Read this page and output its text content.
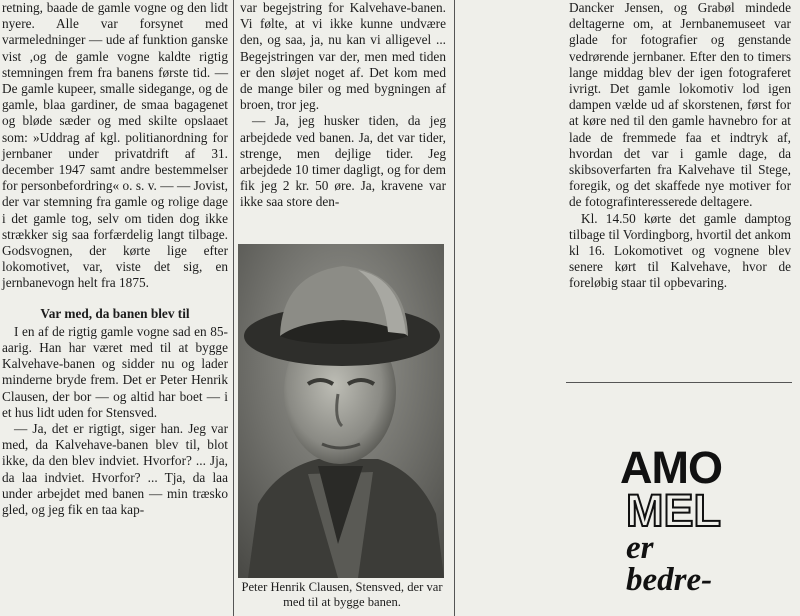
retning, baade de gamle vogne og den lidt nyere. Alle var forsynet med varmeledninger — ude af funktion ganske vist ,og de gamle vogne kaldte rigtig stemningen frem fra banens første tid. — De gamle kupeer, smalle sidegange, og de gamle, blaa gardiner, de smaa bagagenet og bløde sæder og med skilte opslaaet som: »Uddrag af kgl. politianordning for jernbaner under privatdrift af 31. december 1947 samt andre bestemmelser for personbefordring« o. s. v. — — Jovist, der var stemning fra gamle og rolige dage i det gamle tog, selv om tiden dog ikke strækker sig saa forfærdelig langt tilbage. Godsvognen, der kørte lige efter lokomotivet, var, viste det sig, en jernbanevogn helt fra 1875.

Var med, da banen blev til

I en af de rigtig gamle vogne sad en 85-aarig. Han har været med til at bygge Kalvehave-banen og sidder nu og lader minderne bryde frem. Det er Peter Henrik Clausen, der bor — og altid har boet — i et hus lidt uden for Stensved.

— Ja, det er rigtigt, siger han. Jeg var med, da Kalvehave-banen blev til, blot ikke, da den blev indviet. Hvorfor? ... Jja, da laa indviet. Hvorfor? ... Tja, da laa under arbejdet med banen — min træsko gled, og jeg fik en taa kap-

var begejstring for Kalvehave-banen. Vi følte, at vi ikke kunne undvære den, og saa, ja, nu kan vi alligevel ... Begejstringen var der, men med tiden er den sløjet noget af. Det kom med de mange biler og med bygningen af broen, tror jeg.

— Ja, jeg husker tiden, da jeg arbejdede ved banen. Ja, det var tider, strenge, men dejlige tider. Jeg arbejdede 10 timer dagligt, og for dem fik jeg 2 kr. 50 øre. Ja, kravene var ikke saa store den-

Peter Henrik Clausen, Stensved, der var med til at bygge banen.

Dancker Jensen, og Grabøl mindede deltagerne om, at Jernbanemuseet var glade for fotografier og genstande vedrørende jernbaner. Efter den to timers lange middag blev der igen fotograferet ivrigt. Det gamle lokomotiv lod igen dampen vælde ud af skorstenen, først for at køre ned til den gamle havnebro for at lade de fremmede faa et indtryk af, hvordan det var i gamle dage, da skibsoverfarten fra Kalvehave til Stege, foregik, og det skaffede nye motiver for de fotografinteresserede deltagere.

Kl. 14.50 kørte det gamle damptog tilbage til Vordingborg, hvortil det ankom kl 16. Lokomotivet og vognene blev senere kørt til Kalvehave, hvor de foreløbig staar til opbevaring.

AMO
MEL
er bedre-
